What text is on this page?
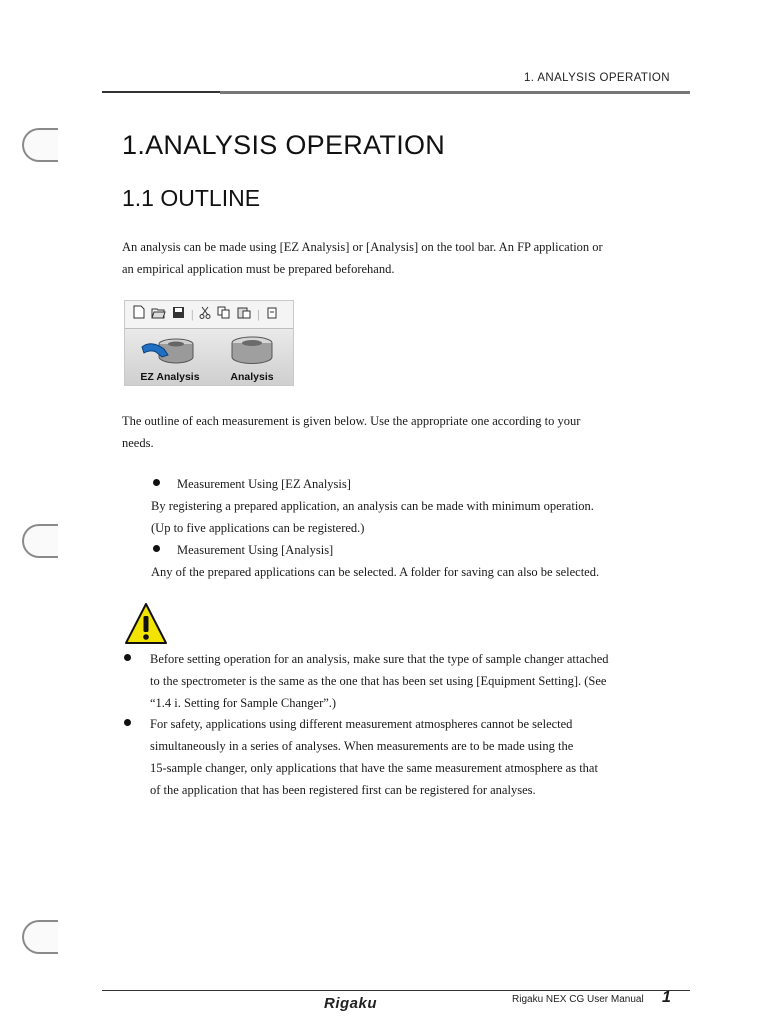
1. ANALYSIS OPERATION
1.ANALYSIS OPERATION
1.1 OUTLINE
An analysis can be made using [EZ Analysis] or [Analysis] on the tool bar. An FP application or
an empirical application must be prepared beforehand.
|	|
EZ Analysis	Analysis
The outline of each measurement is given below. Use the appropriate one according to your
needs.
Measurement Using [EZ Analysis]
By registering a prepared application, an analysis can be made with minimum operation.
(Up to five applications can be registered.)
Measurement Using [Analysis]
Any of the prepared applications can be selected. A folder for saving can also be selected.
Before setting operation for an analysis, make sure that the type of sample changer attached
to the spectrometer is the same as the one that has been set using [Equipment Setting]. (See
“1.4 i. Setting for Sample Changer”.)
For safety, applications using different measurement atmospheres cannot be selected
simultaneously in a series of analyses. When measurements are to be made using the
15-sample changer, only applications that have the same measurement atmosphere as that
of the application that has been registered first can be registered for analyses.
Rigaku	Rigaku NEX CG User Manual 1
